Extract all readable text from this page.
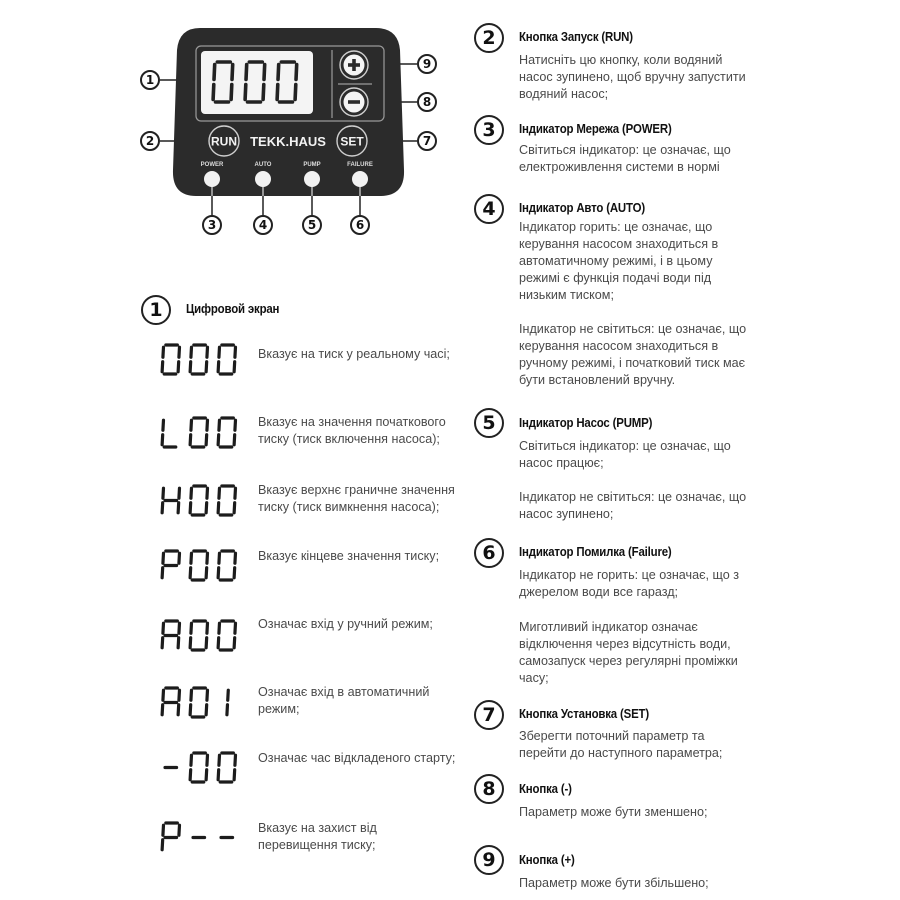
RUN	SET
TEKK.HAUS
POWER	AUTO	PUMP	FAILURE
1
2	7
9
8
3	4	5	6
1	Цифровой экран
Вказує на тиск у реальному часі;
Вказує на значення початкового
тиску (тиск включення насоса);
Вказує верхнє граничне значення
тиску (тиск вимкнення насоса);
Вказує кінцеве значення тиску;
Означає вхід у ручний режим;
Означає вхід в автоматичний
режим;
Означає час відкладеного старту;
Вказує на захист від
перевищення тиску;
2	Кнопка Запуск (RUN)
Натисніть цю кнопку, коли водяний
насос зупинено, щоб вручну запустити
водяний насос;
3	Індикатор Мережа (POWER)
Світиться індикатор: це означає, що
електроживлення системи в нормі
4	Індикатор Авто (AUTO)
Індикатор горить: це означає, що
керування насосом знаходиться в
автоматичному режимі, і в цьому
режимі є функція подачі води під
низьким тиском;
Індикатор не світиться: це означає, що
керування насосом знаходиться в
ручному режимі, і початковий тиск має
бути встановлений вручну.
5	Індикатор Насос (PUMP)
Світиться індикатор: це означає, що
насос працює;
Індикатор не світиться: це означає, що
насос зупинено;
6	Індикатор Помилка (Failure)
Індикатор не горить: це означає, що з
джерелом води все гаразд;
Миготливий індикатор означає
відключення через відсутність води,
самозапуск через регулярні проміжки
часу;
7	Кнопка Установка (SET)
Зберегти поточний параметр та
перейти до наступного параметра;
8	Кнопка (-)
Параметр може бути зменшено;
9	Кнопка (+)
Параметр може бути збільшено;
